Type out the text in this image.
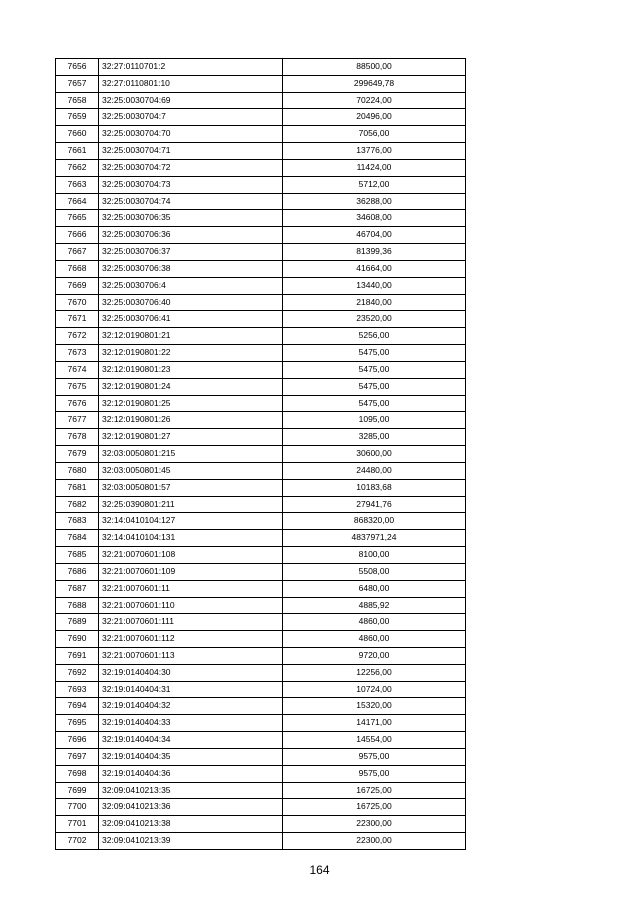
7656	32:27:0110701:2	88500,00
7657	32:27:0110801:10	299649,78
7658	32:25:0030704:69	70224,00
7659	32:25:0030704:7	20496,00
7660	32:25:0030704:70	7056,00
7661	32:25:0030704:71	13776,00
7662	32:25:0030704:72	11424,00
7663	32:25:0030704:73	5712,00
7664	32:25:0030704:74	36288,00
7665	32:25:0030706:35	34608,00
7666	32:25:0030706:36	46704,00
7667	32:25:0030706:37	81399,36
7668	32:25:0030706:38	41664,00
7669	32:25:0030706:4	13440,00
7670	32:25:0030706:40	21840,00
7671	32:25:0030706:41	23520,00
7672	32:12:0190801:21	5256,00
7673	32:12:0190801:22	5475,00
7674	32:12:0190801:23	5475,00
7675	32:12:0190801:24	5475,00
7676	32:12:0190801:25	5475,00
7677	32:12:0190801:26	1095,00
7678	32:12:0190801:27	3285,00
7679	32:03:0050801:215	30600,00
7680	32:03:0050801:45	24480,00
7681	32:03:0050801:57	10183,68
7682	32:25:0390801:211	27941,76
7683	32:14:0410104:127	868320,00
7684	32:14:0410104:131	4837971,24
7685	32:21:0070601:108	8100,00
7686	32:21:0070601:109	5508,00
7687	32:21:0070601:11	6480,00
7688	32:21:0070601:110	4885,92
7689	32:21:0070601:111	4860,00
7690	32:21:0070601:112	4860,00
7691	32:21:0070601:113	9720,00
7692	32:19:0140404:30	12256,00
7693	32:19:0140404:31	10724,00
7694	32:19:0140404:32	15320,00
7695	32:19:0140404:33	14171,00
7696	32:19:0140404:34	14554,00
7697	32:19:0140404:35	9575,00
7698	32:19:0140404:36	9575,00
7699	32:09:0410213:35	16725,00
7700	32:09:0410213:36	16725,00
7701	32:09:0410213:38	22300,00
7702	32:09:0410213:39	22300,00
164
